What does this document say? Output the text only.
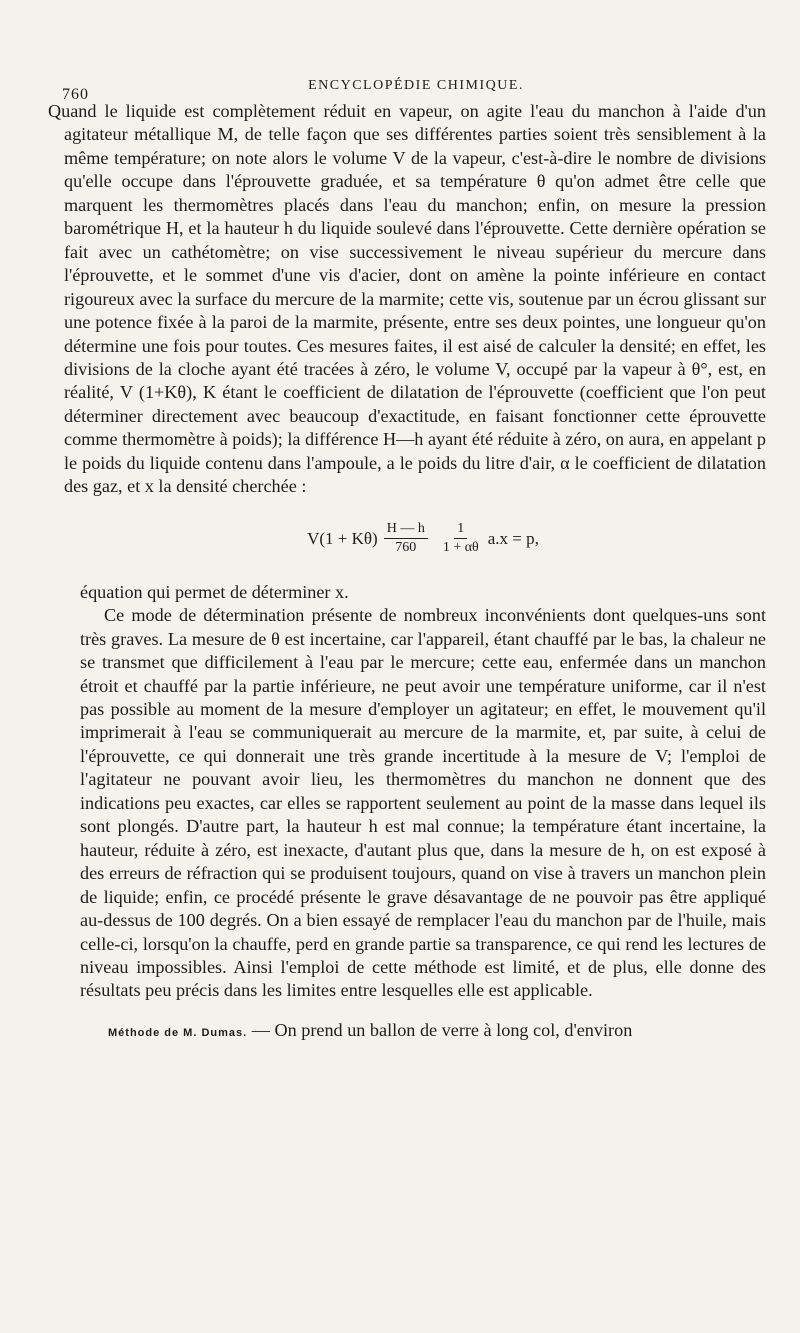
760
ENCYCLOPÉDIE CHIMIQUE.

Quand le liquide est complètement réduit en vapeur, on agite l'eau du manchon à l'aide d'un agitateur métallique M, de telle façon que ses différentes parties soient très sensiblement à la même température; on note alors le volume V de la vapeur, c'est-à-dire le nombre de divisions qu'elle occupe dans l'éprouvette graduée, et sa température θ qu'on admet être celle que marquent les thermomètres placés dans l'eau du manchon; enfin, on mesure la pression barométrique H, et la hauteur h du liquide soulevé dans l'éprouvette. Cette dernière opération se fait avec un cathétomètre; on vise successivement le niveau supérieur du mercure dans l'éprouvette, et le sommet d'une vis d'acier, dont on amène la pointe inférieure en contact rigoureux avec la surface du mercure de la marmite; cette vis, soutenue par un écrou glissant sur une potence fixée à la paroi de la marmite, présente, entre ses deux pointes, une longueur qu'on détermine une fois pour toutes. Ces mesures faites, il est aisé de calculer la densité; en effet, les divisions de la cloche ayant été tracées à zéro, le volume V, occupé par la vapeur à θ°, est, en réalité, V (1+Kθ), K étant le coefficient de dilatation de l'éprouvette (coefficient que l'on peut déterminer directement avec beaucoup d'exactitude, en faisant fonctionner cette éprouvette comme thermomètre à poids); la différence H—h ayant été réduite à zéro, on aura, en appelant p le poids du liquide contenu dans l'ampoule, a le poids du litre d'air, α le coefficient de dilatation des gaz, et x la densité cherchée :

$V(1 + K\theta) \frac{H — h}{760} \frac{1}{1 + \alpha\theta} a.x = p$,

équation qui permet de déterminer x.

Ce mode de détermination présente de nombreux inconvénients dont quelques-uns sont très graves. La mesure de θ est incertaine, car l'appareil, étant chauffé par le bas, la chaleur ne se transmet que difficilement à l'eau par le mercure; cette eau, enfermée dans un manchon étroit et chauffé par la partie inférieure, ne peut avoir une température uniforme, car il n'est pas possible au moment de la mesure d'employer un agitateur; en effet, le mouvement qu'il imprimerait à l'eau se communiquerait au mercure de la marmite, et, par suite, à celui de l'éprouvette, ce qui donnerait une très grande incertitude à la mesure de V; l'emploi de l'agitateur ne pouvant avoir lieu, les thermomètres du manchon ne donnent que des indications peu exactes, car elles se rapportent seulement au point de la masse dans lequel ils sont plongés. D'autre part, la hauteur h est mal connue; la température étant incertaine, la hauteur, réduite à zéro, est inexacte, d'autant plus que, dans la mesure de h, on est exposé à des erreurs de réfraction qui se produisent toujours, quand on vise à travers un manchon plein de liquide; enfin, ce procédé présente le grave désavantage de ne pouvoir pas être appliqué au-dessus de 100 degrés. On a bien essayé de remplacer l'eau du manchon par de l'huile, mais celle-ci, lorsqu'on la chauffe, perd en grande partie sa transparence, ce qui rend les lectures de niveau impossibles. Ainsi l'emploi de cette méthode est limité, et de plus, elle donne des résultats peu précis dans les limites entre lesquelles elle est applicable.

Méthode de M. Dumas. — On prend un ballon de verre à long col, d'environ
